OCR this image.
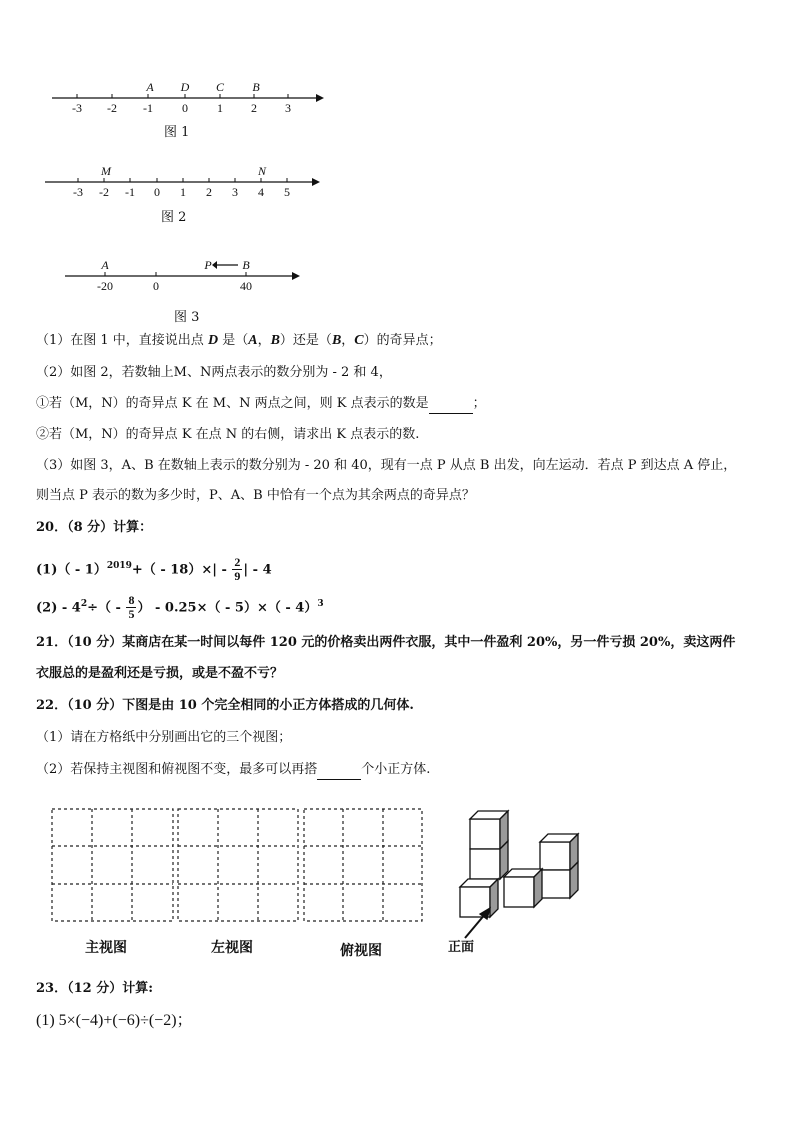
-3 -2 -1 0 1 2 3
A D C B
图 1
-3 -2 -1 0 1 2 3 4 5
M	N
图 2
-20	0	40
A	P	B
图 3
（1）在图 1 中，直接说出点 D 是（A，B）还是（B，C）的奇异点；
（2）如图 2，若数轴上M、N两点表示的数分别为 - 2 和 4，
①若（M，N）的奇异点 K 在 M、N 两点之间，则 K 点表示的数是	；
②若（M，N）的奇异点 K 在点 N 的右侧，请求出 K 点表示的数.
（3）如图 3，A、B 在数轴上表示的数分别为 - 20 和 40，现有一点 P 从点 B 出发，向左运动．若点 P 到达点 A 停止，
则当点 P 表示的数为多少时，P、A、B 中恰有一个点为其余两点的奇异点？
20．（8 分）计算：
$(1)( - 1)^{2019}+( - 18)\times| - \frac{2}{9}$ | - 4
$(2) - 4^2\div( - \frac{8}{5}$ ） - 0.25×（ - 5）×（ - 4）$^3$
21．（10 分）某商店在某一时间以每件 120 元的价格卖出两件衣服，其中一件盈利 20%，另一件亏损 20%，卖这两件
衣服总的是盈利还是亏损，或是不盈不亏？
22．（10 分）下图是由 10 个完全相同的小正方体搭成的几何体.
（1）请在方格纸中分别画出它的三个视图；
（2）若保持主视图和俯视图不变，最多可以再搭	个小正方体.
主视图	左视图	俯视图	正面
23．（12 分）计算:
(1) 5×(−4)+(−6)÷(−2)；
